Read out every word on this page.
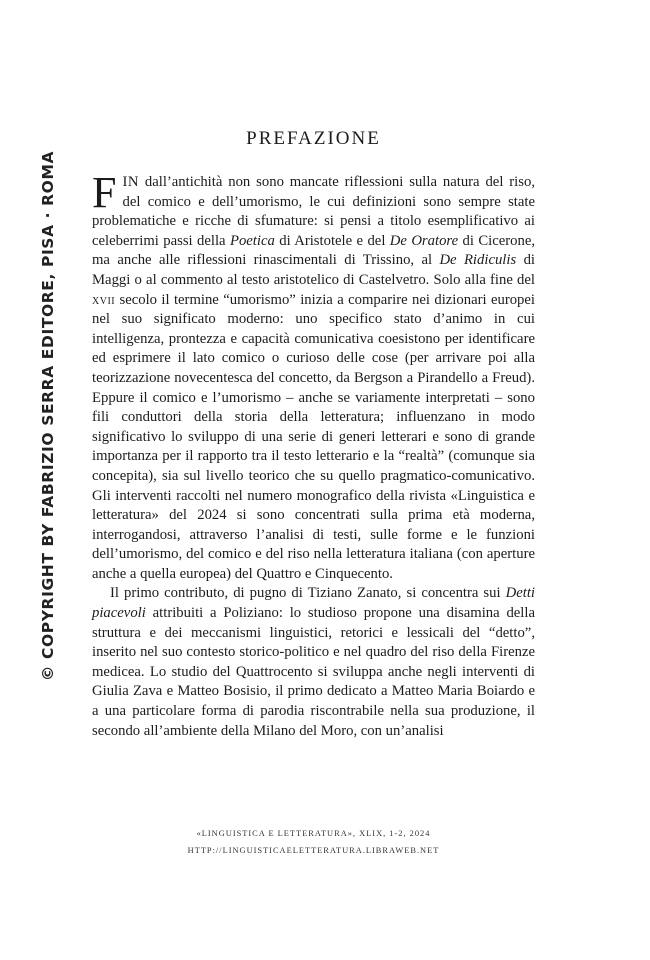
© COPYRIGHT BY FABRIZIO SERRA EDITORE, PISA · ROMA
PREFAZIONE

FIN dall’antichità non sono mancate riflessioni sulla natura del riso, del comico e dell’umorismo, le cui definizioni sono sempre state problematiche e ricche di sfumature: si pensi a titolo esemplificativo ai celeberrimi passi della Poetica di Aristotele e del De Oratore di Cicerone, ma anche alle riflessioni rinascimentali di Trissino, al De Ridiculis di Maggi o al commento al testo aristotelico di Castelvetro. Solo alla fine del xvii secolo il termine “umorismo” inizia a comparire nei dizionari europei nel suo significato moderno: uno specifico stato d’animo in cui intelligenza, prontezza e capacità comunicativa coesistono per identificare ed esprimere il lato comico o curioso delle cose (per arrivare poi alla teorizzazione novecentesca del concetto, da Bergson a Pirandello a Freud). Eppure il comico e l’umorismo – anche se variamente interpretati – sono fili conduttori della storia della letteratura; influenzano in modo significativo lo sviluppo di una serie di generi letterari e sono di grande importanza per il rapporto tra il testo letterario e la “realtà” (comunque sia concepita), sia sul livello teorico che su quello pragmatico-comunicativo. Gli interventi raccolti nel numero monografico della rivista «Linguistica e letteratura» del 2024 si sono concentrati sulla prima età moderna, interrogandosi, attraverso l’analisi di testi, sulle forme e le funzioni dell’umorismo, del comico e del riso nella letteratura italiana (con aperture anche a quella europea) del Quattro e Cinquecento.

Il primo contributo, di pugno di Tiziano Zanato, si concentra sui Detti piacevoli attribuiti a Poliziano: lo studioso propone una disamina della struttura e dei meccanismi linguistici, retorici e lessicali del “detto”, inserito nel suo contesto storico-politico e nel quadro del riso della Firenze medicea. Lo studio del Quattrocento si sviluppa anche negli interventi di Giulia Zava e Matteo Bosisio, il primo dedicato a Matteo Maria Boiardo e a una particolare forma di parodia riscontrabile nella sua produzione, il secondo all’ambiente della Milano del Moro, con un’analisi

«LINGUISTICA E LETTERATURA», XLIX, 1-2, 2024
HTTP://LINGUISTICAELETTERATURA.LIBRAWEB.NET
